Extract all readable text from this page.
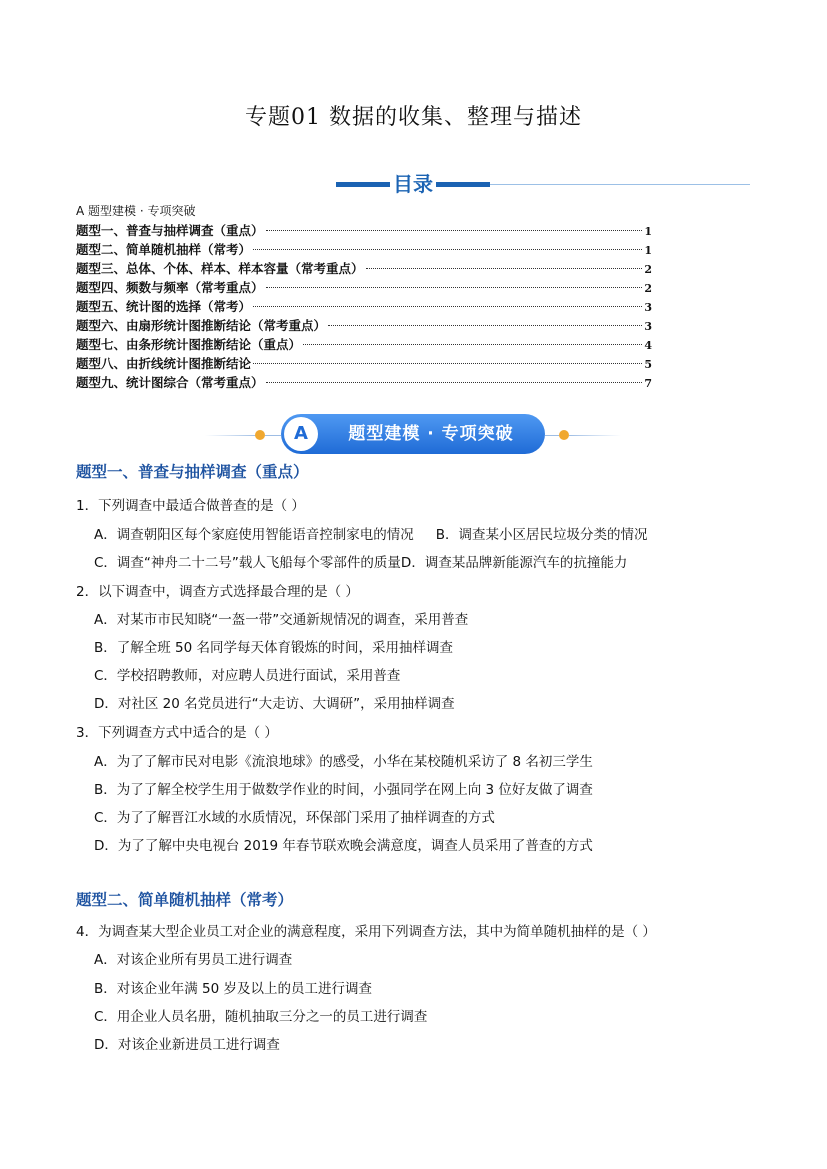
专题01 数据的收集、整理与描述
目录
A 题型建模 · 专项突破
题型一、普查与抽样调查（重点）	1
题型二、简单随机抽样（常考）	1
题型三、总体、个体、样本、样本容量（常考重点）	2
题型四、频数与频率（常考重点）	2
题型五、统计图的选择（常考）	3
题型六、由扇形统计图推断结论（常考重点）	3
题型七、由条形统计图推断结论（重点）	4
题型八、由折线统计图推断结论	5
题型九、统计图综合（常考重点）	7
A	题型建模 · 专项突破
题型一、普查与抽样调查（重点）
1．下列调查中最适合做普查的是（ ）
A．调查朝阳区每个家庭使用智能语音控制家电的情况 B．调查某小区居民垃圾分类的情况
C．调查“神舟二十二号”载人飞船每个零部件的质量D．调查某品牌新能源汽车的抗撞能力
2．以下调查中，调查方式选择最合理的是（ ）
A．对某市市民知晓“一盔一带”交通新规情况的调查，采用普查
B．了解全班 50 名同学每天体育锻炼的时间，采用抽样调查
C．学校招聘教师，对应聘人员进行面试，采用普查
D．对社区 20 名党员进行“大走访、大调研”，采用抽样调查
3．下列调查方式中适合的是（ ）
A．为了了解市民对电影《流浪地球》的感受，小华在某校随机采访了 8 名初三学生
B．为了了解全校学生用于做数学作业的时间，小强同学在网上向 3 位好友做了调查
C．为了了解晋江水域的水质情况，环保部门采用了抽样调查的方式
D．为了了解中央电视台 2019 年春节联欢晚会满意度，调查人员采用了普查的方式
题型二、简单随机抽样（常考）
4．为调查某大型企业员工对企业的满意程度，采用下列调查方法，其中为简单随机抽样的是（ ）
A．对该企业所有男员工进行调查
B．对该企业年满 50 岁及以上的员工进行调查
C．用企业人员名册，随机抽取三分之一的员工进行调查
D．对该企业新进员工进行调查
